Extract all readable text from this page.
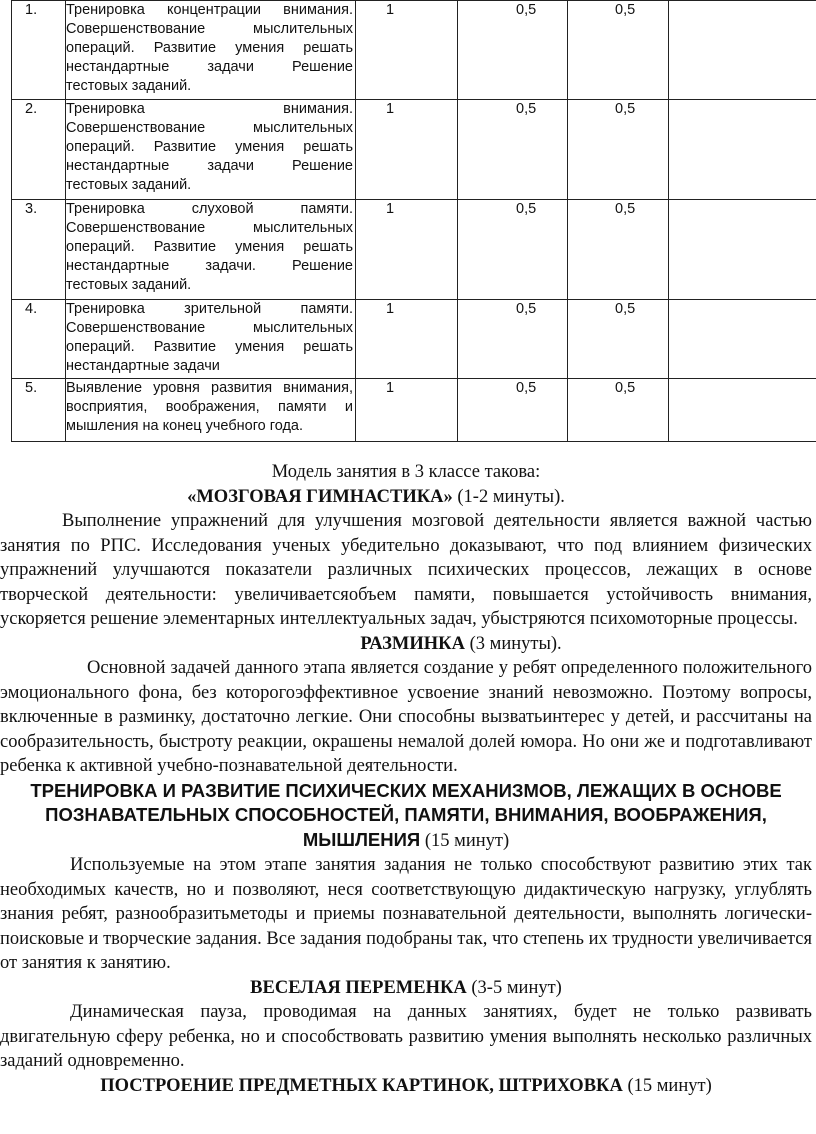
1.	Тренировка концентрации внимания.
Совершенствование мыслительных
операций. Развитие умения решать
нестандартные задачи Решение
тестовых заданий.	1	0,5	0,5	
2.	Тренировка внимания.
Совершенствование мыслительных
операций. Развитие умения решать
нестандартные задачи Решение
тестовых заданий.	1	0,5	0,5	
3.	Тренировка слуховой памяти.
Совершенствование мыслительных
операций. Развитие умения решать
нестандартные задачи. Решение
тестовых заданий.	1	0,5	0,5	
4.	Тренировка зрительной памяти.
Совершенствование мыслительных
операций. Развитие умения решать
нестандартные задачи	1	0,5	0,5	
5.	Выявление уровня развития внимания,
восприятия, воображения, памяти и
мышления на конец учебного года.	1	0,5	0,5	

Модель занятия в 3 классе такова:

«МОЗГОВАЯ ГИМНАСТИКА» (1-2 минуты).

Выполнение упражнений для улучшения мозговой деятельности является важной частью занятия по РПС. Исследования ученых убедительно доказывают, что под влиянием физических упражнений улучшаются показатели различных психических процессов, лежащих в основе творческой деятельности: увеличиваетсяобъем памяти, повышается устойчивость внимания, ускоряется решение элементарных интеллектуальных задач, убыстряются психомоторные процессы.

РАЗМИНКА (3 минуты).

Основной задачей данного этапа является создание у ребят определенного положительного эмоционального фона, без которогоэффективное усвоение знаний невозможно. Поэтому вопросы, включенные в разминку, достаточно легкие. Они способны вызватьинтерес у детей, и рассчитаны на сообразительность, быстроту реакции, окрашены немалой долей юмора. Но они же и подготавливают ребенка к активной учебно-познавательной деятельности.

ТРЕНИРОВКА И РАЗВИТИЕ ПСИХИЧЕСКИХ МЕХАНИЗМОВ, ЛЕЖАЩИХ В ОСНОВЕ ПОЗНАВАТЕЛЬНЫХ СПОСОБНОСТЕЙ, ПАМЯТИ, ВНИМАНИЯ, ВООБРАЖЕНИЯ, МЫШЛЕНИЯ (15 минут)

Используемые на этом этапе занятия задания не только способствуют развитию этих так необходимых качеств, но и позволяют, неся соответствующую дидактическую нагрузку, углублять знания ребят, разнообразитьметоды и приемы познавательной деятельности, выполнять логически-поисковые и творческие задания. Все задания подобраны так, что степень их трудности увеличивается от занятия к занятию.

ВЕСЕЛАЯ ПЕРЕМЕНКА (3-5 минут)

Динамическая пауза, проводимая на данных занятиях, будет не только развивать двигательную сферу ребенка, но и способствовать развитию умения выполнять несколько различных заданий одновременно.

ПОСТРОЕНИЕ ПРЕДМЕТНЫХ КАРТИНОК, ШТРИХОВКА (15 минут)
